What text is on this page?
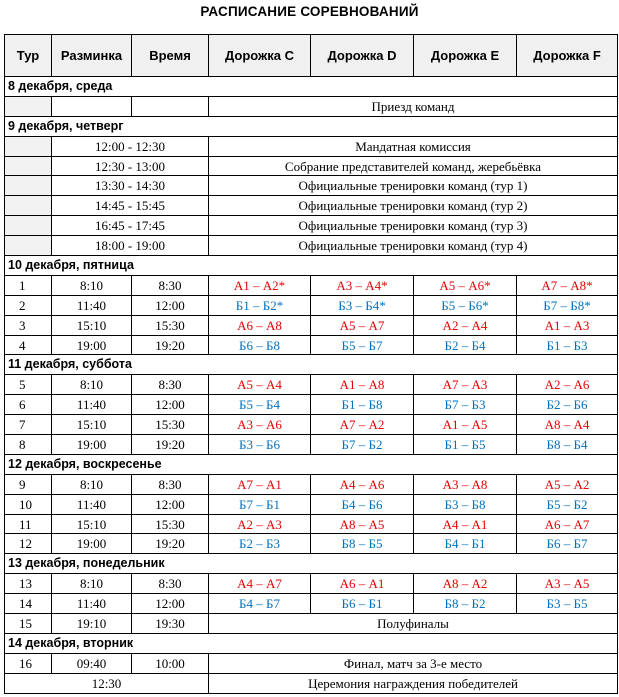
РАСПИСАНИЕ СОРЕВНОВАНИЙ
Тур	Разминка	Время	Дорожка C	Дорожка D	Дорожка E	Дорожка F
8 декабря, среда						
			Приезд команд			
9 декабря, четверг						
	12:00 - 12:30		Мандатная комиссия			
	12:30 - 13:00		Собрание представителей команд, жеребьёвка			
	13:30 - 14:30		Официальные тренировки команд (тур 1)			
	14:45 - 15:45		Официальные тренировки команд (тур 2)			
	16:45 - 17:45		Официальные тренировки команд (тур 3)			
	18:00 - 19:00		Официальные тренировки команд (тур 4)			
10 декабря, пятница						
1	8:10	8:30	А1 – А2*	А3 – А4*	А5 – А6*	А7 – А8*
2	11:40	12:00	Б1 – Б2*	Б3 – Б4*	Б5 – Б6*	Б7 – Б8*
3	15:10	15:30	А6 – А8	А5 – А7	А2 – А4	А1 – А3
4	19:00	19:20	Б6 – Б8	Б5 – Б7	Б2 – Б4	Б1 – Б3
11 декабря, суббота						
5	8:10	8:30	А5 – А4	А1 – А8	А7 – А3	А2 – А6
6	11:40	12:00	Б5 – Б4	Б1 – Б8	Б7 – Б3	Б2 – Б6
7	15:10	15:30	А3 – А6	А7 – А2	А1 – А5	А8 – А4
8	19:00	19:20	Б3 – Б6	Б7 – Б2	Б1 – Б5	Б8 – Б4
12 декабря, воскресенье						
9	8:10	8:30	А7 – А1	А4 – А6	А3 – А8	А5 – А2
10	11:40	12:00	Б7 – Б1	Б4 – Б6	Б3 – Б8	Б5 – Б2
11	15:10	15:30	А2 – А3	А8 – А5	А4 – А1	А6 – А7
12	19:00	19:20	Б2 – Б3	Б8 – Б5	Б4 – Б1	Б6 – Б7
13 декабря, понедельник						
13	8:10	8:30	А4 – А7	А6 – А1	А8 – А2	А3 – А5
14	11:40	12:00	Б4 – Б7	Б6 – Б1	Б8 – Б2	Б3 – Б5
15	19:10	19:30	Полуфиналы			
14 декабря, вторник						
16	09:40	10:00	Финал, матч за 3-е место			
12:30			Церемония награждения победителей			
